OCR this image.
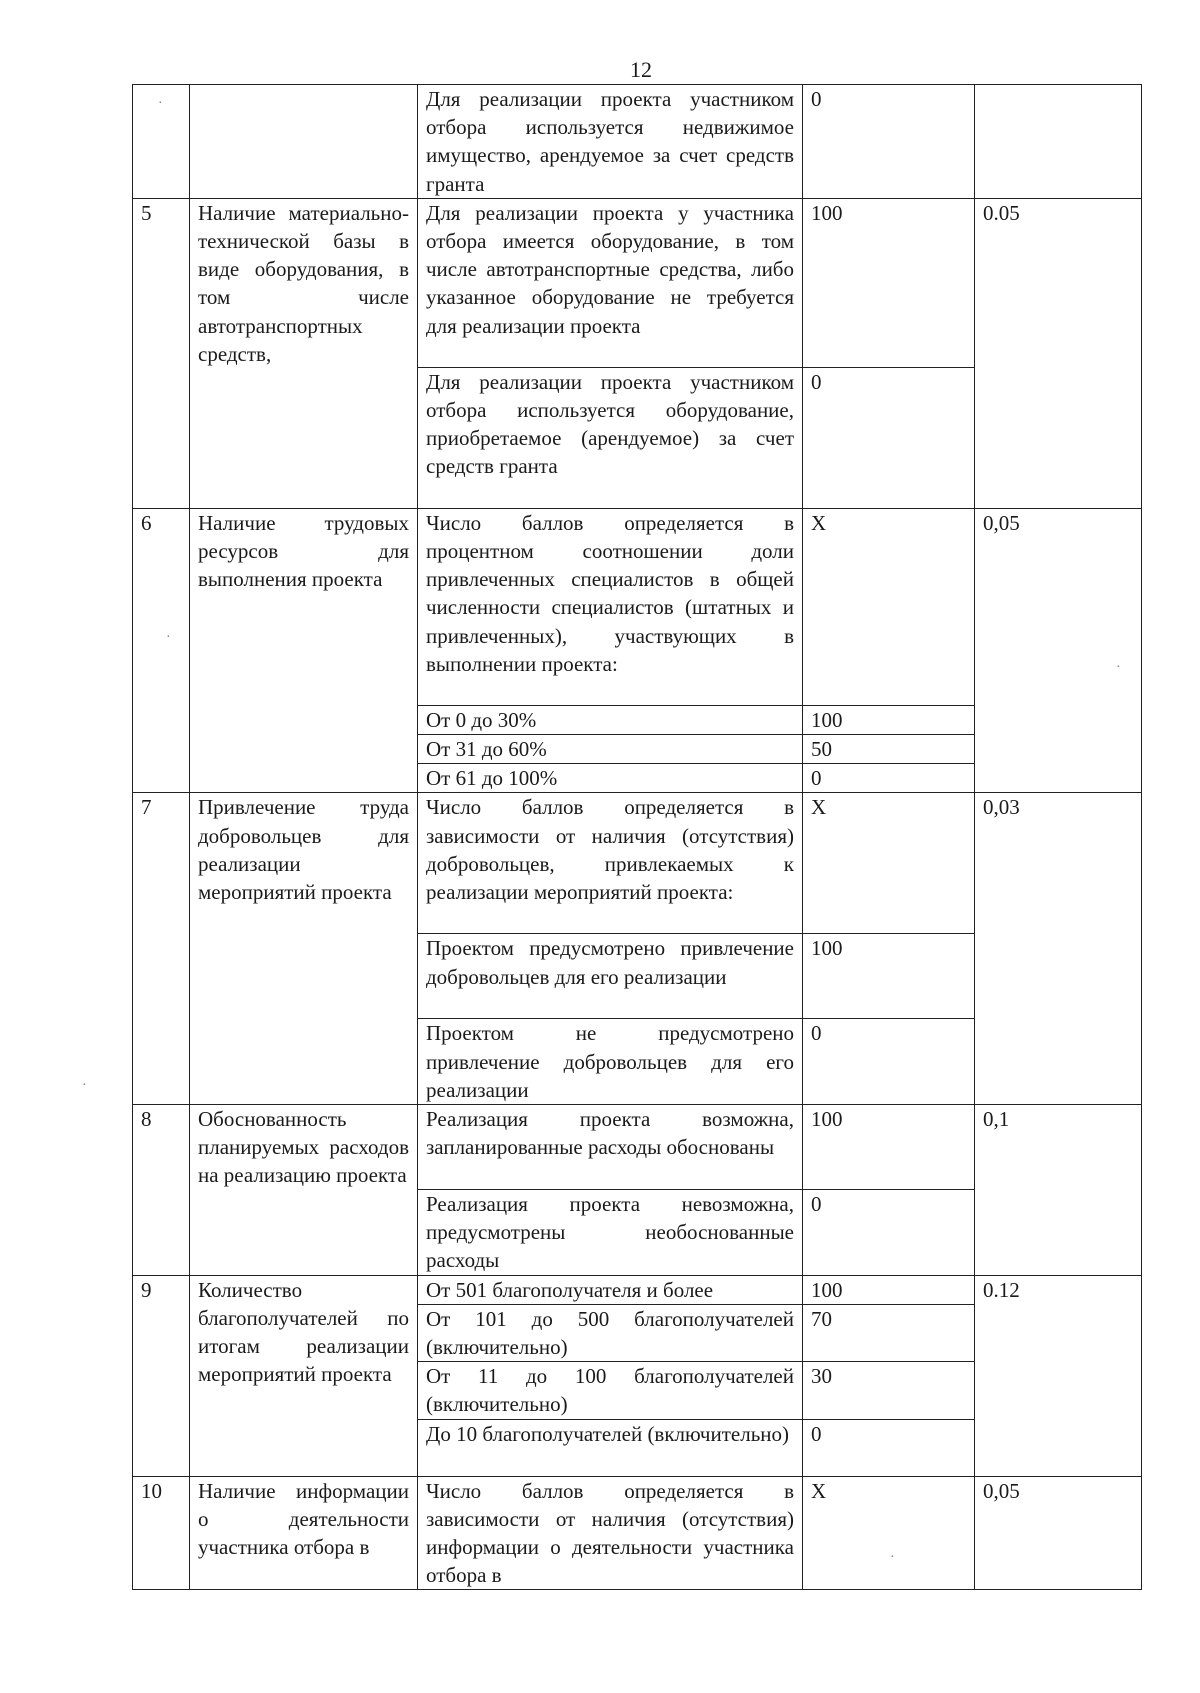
12
		Для реализации проекта участником отбора используется недвижимое имущество, арендуемое за счет средств гранта	0	
5	Наличие материально-технической базы в виде оборудования, в том числе автотранспортных средств,	Для реализации проекта у участника отбора имеется оборудование, в том числе автотранспортные средства, либо указанное оборудование не требуется для реализации проекта	100	0.05
		Для реализации проекта участником отбора используется оборудование, приобретаемое (арендуемое) за счет средств гранта	0	
6	Наличие трудовых ресурсов для выполнения проекта	Число баллов определяется в процентном соотношении доли привлеченных специалистов в общей численности специалистов (штатных и привлеченных), участвующих в выполнении проекта:	X	0,05
		От 0 до 30%	100	
		От 31 до 60%	50	
		От 61 до 100%	0	
7	Привлечение труда добровольцев для реализации мероприятий проекта	Число баллов определяется в зависимости от наличия (отсутствия) добровольцев, привлекаемых к реализации мероприятий проекта:	X	0,03
		Проектом предусмотрено привлечение добровольцев для его реализации	100	
		Проектом не предусмотрено привлечение добровольцев для его реализации	0	
8	Обоснованность планируемых расходов на реализацию проекта	Реализация проекта возможна, запланированные расходы обоснованы	100	0,1
		Реализация проекта невозможна, предусмотрены необоснованные расходы	0	
9	Количество благополучателей по итогам реализации мероприятий проекта	От 501 благополучателя и более	100	0.12
		От 101 до 500 благополучателей (включительно)	70	
		От 11 до 100 благополучателей (включительно)	30	
		До 10 благополучателей (включительно)	0	
10	Наличие информации о деятельности участника отбора в	Число баллов определяется в зависимости от наличия (отсутствия) информации о деятельности участника отбора в	X	0,05
·
·
·
·
·
